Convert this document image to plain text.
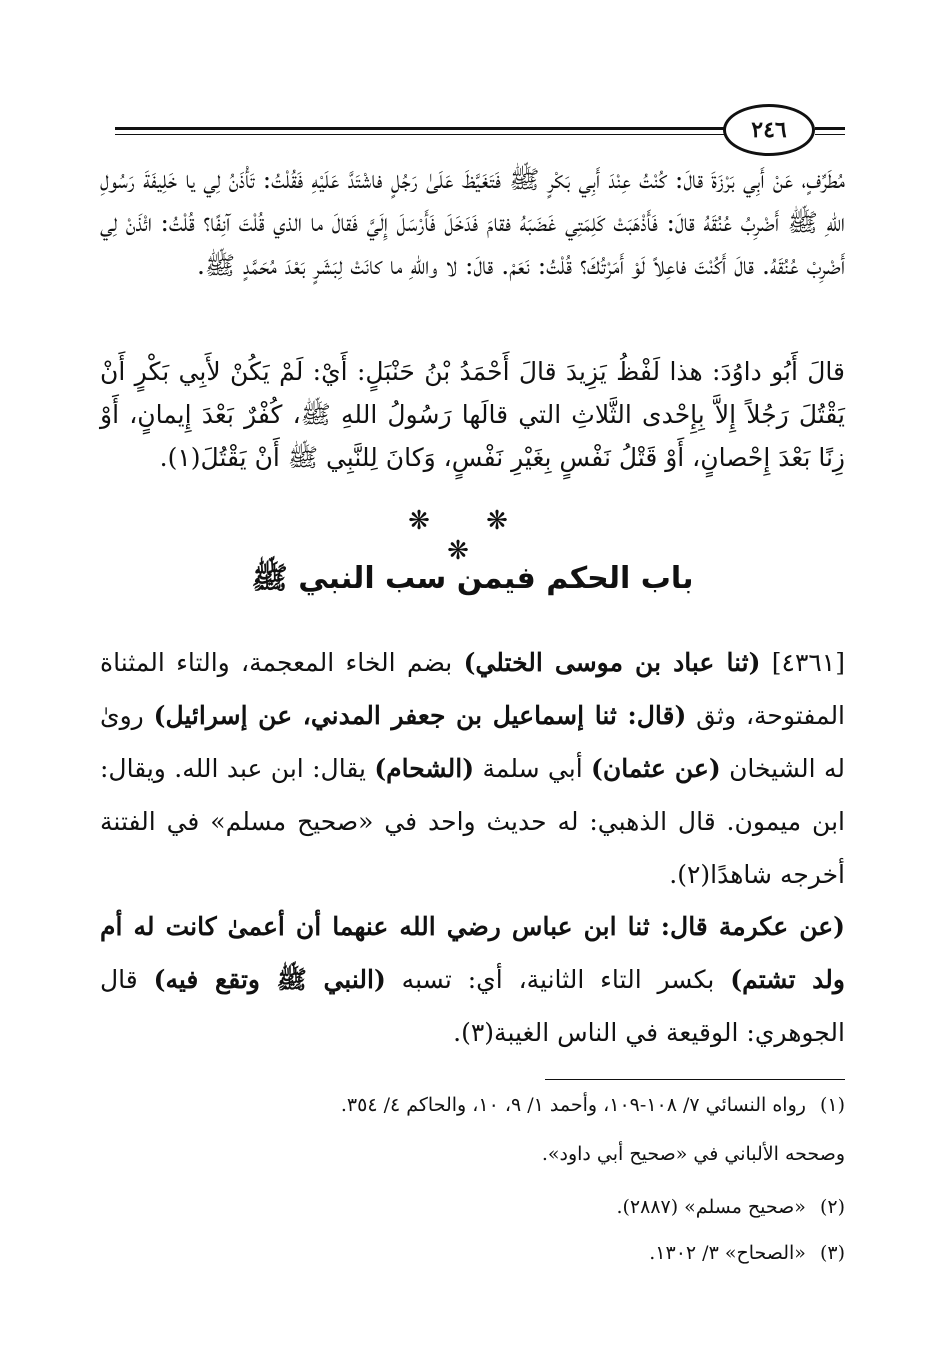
٢٤٦
مُطَرِّفٍ، عَنْ أَبِي بَرْزَةَ قالَ: كُنْتُ عِنْدَ أَبِي بَكْرٍ ﷺ فَتَغَيَّظَ عَلَىٰ رَجُلٍ فاشْتَدَّ عَلَيْهِ فَقُلْتُ: تَأْذَنُ لِي يا خَلِيفَةَ رَسُولِ اللهِ ﷺ أَضْرِبُ عُنُقَهُ قالَ: فَأَذْهَبَتْ كَلِمَتِي غَضَبَهُ فقامَ فَدَخَلَ فَأَرْسَلَ إِلَيَّ فَقالَ ما الذي قُلْتَ آنِفًا؟ قُلْتُ: ائْذَنْ لِي أَضْرِبْ عُنُقَهُ. قالَ أَكُنْتَ فاعِلاً لَوْ أَمَرْتُكَ؟ قُلْتُ: نَعَمْ. قالَ: لا واللهِ ما كانَتْ لِبَشَرٍ بَعْدَ مُحَمَّدٍ ﷺ.
قالَ أَبُو داوُدَ: هذا لَفْظُ يَزِيدَ قالَ أَحْمَدُ بْنُ حَنْبَلٍ: أَيْ: لَمْ يَكُنْ لأَبِي بَكْرٍ أَنْ يَقْتُلَ رَجُلاً إِلاَّ بِإِحْدى الثَّلاثِ التي قالَها رَسُولُ اللهِ ﷺ، كُفْرٌ بَعْدَ إِيمانٍ، أَوْ زِنًا بَعْدَ إِحْصانٍ، أَوْ قَتْلُ نَفْسٍ بِغَيْرِ نَفْسٍ، وَكانَ لِلنَّبِي ﷺ أَنْ يَقْتُلَ(١).
❋ ❋ ❋
باب الحكم فيمن سب النبي ﷺ
[٤٣٦١] (ثنا عباد بن موسى الختلي) بضم الخاء المعجمة، والتاء المثناة المفتوحة، وثق (قال: ثنا إسماعيل بن جعفر المدني، عن إسرائيل) روىٰ له الشيخان (عن عثمان) أبي سلمة (الشحام) يقال: ابن عبد الله. ويقال: ابن ميمون. قال الذهبي: له حديث واحد في «صحيح مسلم» في الفتنة أخرجه شاهدًا(٢).
(عن عكرمة قال: ثنا ابن عباس رضي الله عنهما أن أعمىٰ كانت له أم ولد تشتم) بكسر التاء الثانية، أي: تسبه (النبي ﷺ وتقع فيه) قال الجوهري: الوقيعة في الناس الغيبة(٣).
(١)رواه النسائي ٧/ ١٠٨-١٠٩، وأحمد ١/ ٩، ١٠، والحاكم ٤/ ٣٥٤.
وصححه الألباني في «صحيح أبي داود».
(٢)«صحيح مسلم» (٢٨٨٧).
(٣)«الصحاح» ٣/ ١٣٠٢.
